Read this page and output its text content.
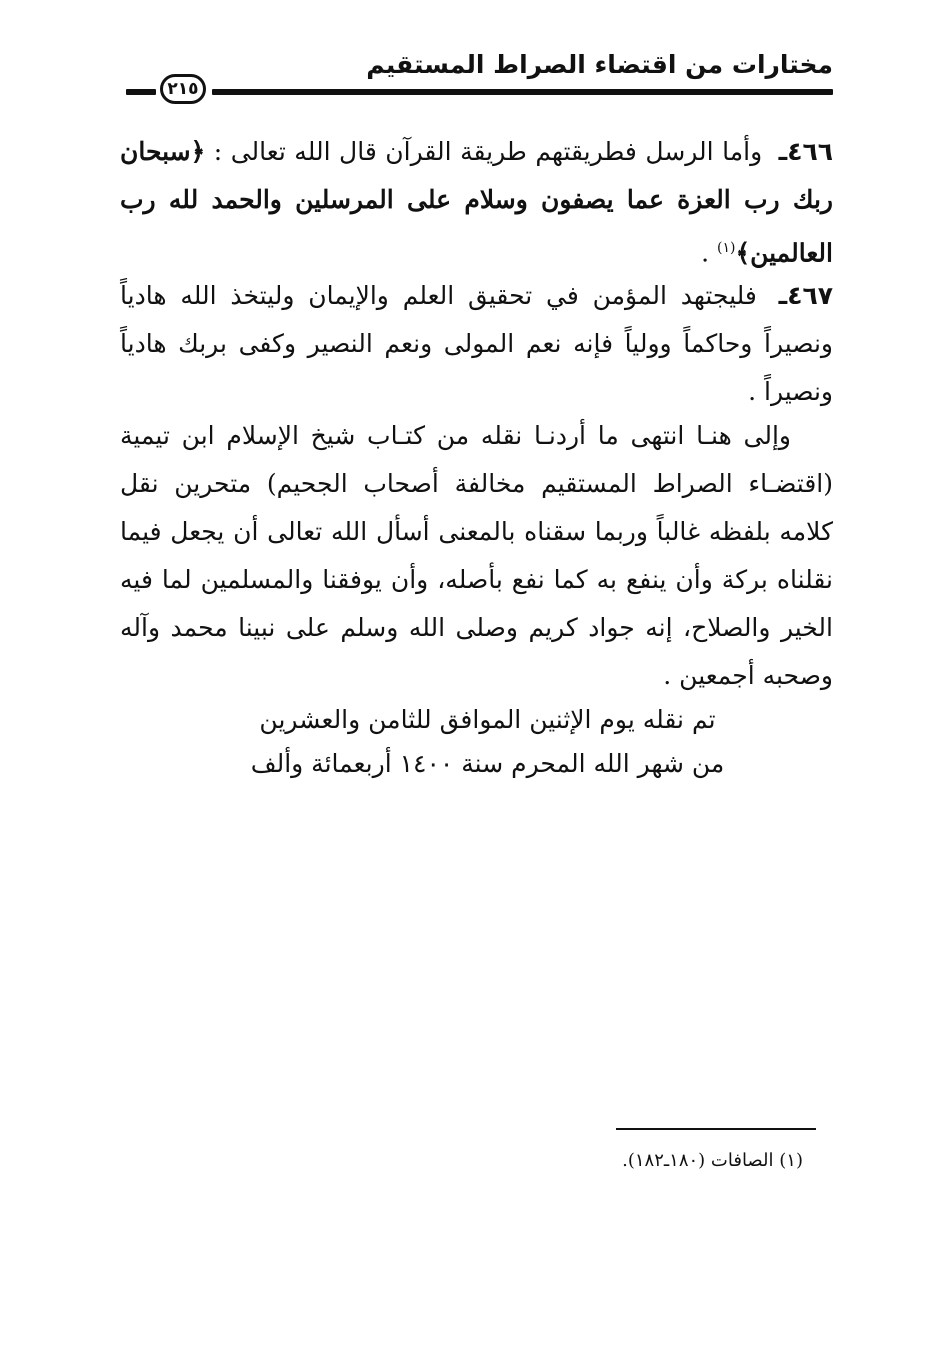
مختارات من اقتضاء الصراط المستقيم
٢١٥
٤٦٦ـ وأما الرسل فطريقتهم طريقة القرآن قال الله تعالى : ﴿سبحان ربك رب العزة عما يصفون وسلام على المرسلين والحمد لله رب العالمين﴾$^{(١)}$ .
٤٦٧ـ فليجتهد المؤمن في تحقيق العلم والإيمان وليتخذ الله هادياً ونصيراً وحاكماً وولياً فإنه نعم المولى ونعم النصير وكفى بربك هادياً ونصيراً .
وإلى هنـا انتهى ما أردنـا نقله من كتـاب شيخ الإسلام ابن تيمية (اقتضـاء الصراط المستقيم مخالفة أصحاب الجحيم) متحرين نقل كلامه بلفظه غالباً وربما سقناه بالمعنى أسأل الله تعالى أن يجعل فيما نقلناه بركة وأن ينفع به كما نفع بأصله، وأن يوفقنا والمسلمين لما فيه الخير والصلاح، إنه جواد كريم وصلى الله وسلم على نبينا محمد وآله وصحبه أجمعين .
تم نقله يوم الإثنين الموافق للثامن والعشرين
من شهر الله المحرم سنة ١٤٠٠ أربعمائة وألف
(١) الصافات (١٨٠ـ١٨٢).
